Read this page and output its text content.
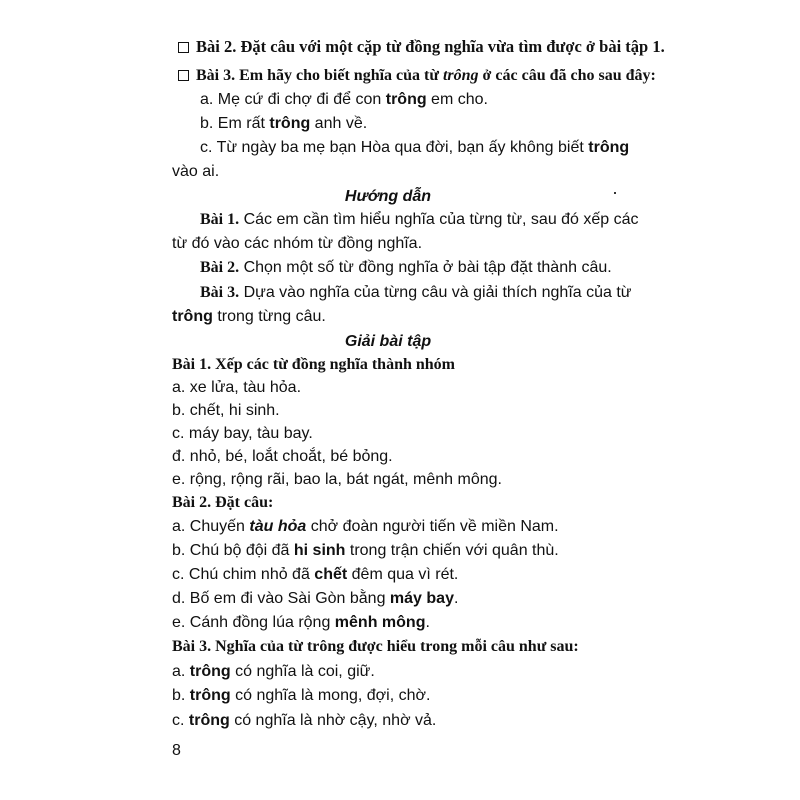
Bài 2. Đặt câu với một cặp từ đồng nghĩa vừa tìm được ở bài tập 1.
Bài 3. Em hãy cho biết nghĩa của từ trông ở các câu đã cho sau đây:
a. Mẹ cứ đi chợ đi để con trông em cho.
b. Em rất trông anh về.
c. Từ ngày ba mẹ bạn Hòa qua đời, bạn ấy không biết trông
vào ai.
Hướng dẫn
Bài 1. Các em cần tìm hiểu nghĩa của từng từ, sau đó xếp các
từ đó vào các nhóm từ đồng nghĩa.
Bài 2. Chọn một số từ đồng nghĩa ở bài tập đặt thành câu.
Bài 3. Dựa vào nghĩa của từng câu và giải thích nghĩa của từ
trông trong từng câu.
Giải bài tập
Bài 1. Xếp các từ đồng nghĩa thành nhóm
a. xe lửa, tàu hỏa.
b. chết, hi sinh.
c. máy bay, tàu bay.
đ. nhỏ, bé, loắt choắt, bé bỏng.
e. rộng, rộng rãi, bao la, bát ngát, mênh mông.
Bài 2. Đặt câu:
a. Chuyến tàu hỏa chở đoàn người tiến về miền Nam.
b. Chú bộ đội đã hi sinh trong trận chiến với quân thù.
c. Chú chim nhỏ đã chết đêm qua vì rét.
d. Bố em đi vào Sài Gòn bằng máy bay.
e. Cánh đồng lúa rộng mênh mông.
Bài 3. Nghĩa của từ trông được hiểu trong mỗi câu như sau:
a. trông có nghĩa là coi, giữ.
b. trông có nghĩa là mong, đợi, chờ.
c. trông có nghĩa là nhờ cậy, nhờ vả.
8
